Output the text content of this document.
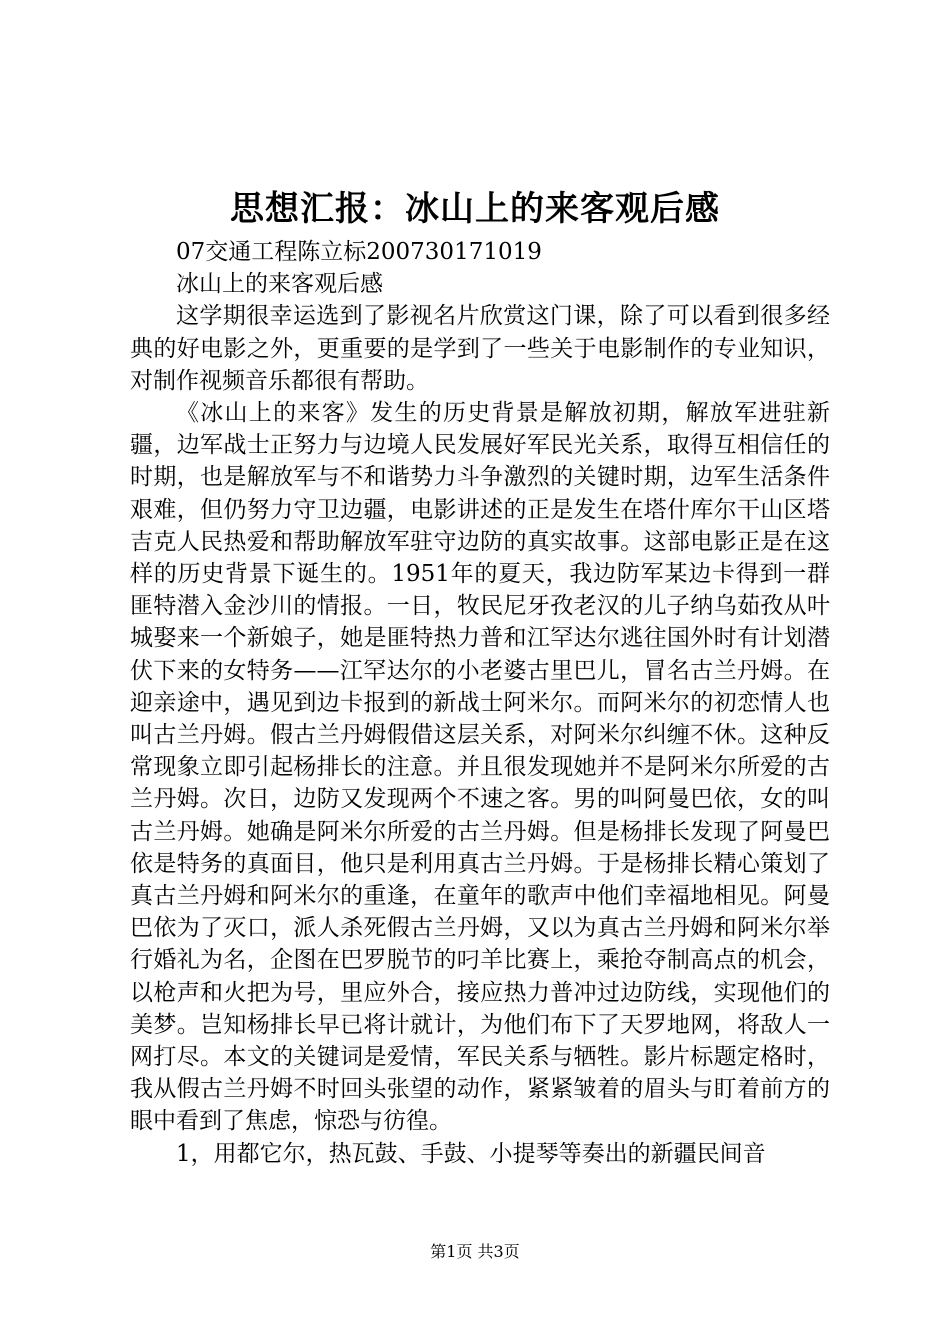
思想汇报：冰山上的来客观后感

07交通工程陈立标200730171019

冰山上的来客观后感

这学期很幸运选到了影视名片欣赏这门课，除了可以看到很多经典的好电影之外，更重要的是学到了一些关于电影制作的专业知识，对制作视频音乐都很有帮助。

《冰山上的来客》发生的历史背景是解放初期，解放军进驻新疆，边军战士正努力与边境人民发展好军民光关系，取得互相信任的时期，也是解放军与不和谐势力斗争激烈的关键时期，边军生活条件艰难，但仍努力守卫边疆，电影讲述的正是发生在塔什库尔干山区塔吉克人民热爱和帮助解放军驻守边防的真实故事。这部电影正是在这样的历史背景下诞生的。1951年的夏天，我边防军某边卡得到一群匪特潜入金沙川的情报。一日，牧民尼牙孜老汉的儿子纳乌茹孜从叶城娶来一个新娘子，她是匪特热力普和江罕达尔逃往国外时有计划潜伏下来的女特务——江罕达尔的小老婆古里巴儿，冒名古兰丹姆。在迎亲途中，遇见到边卡报到的新战士阿米尔。而阿米尔的初恋情人也叫古兰丹姆。假古兰丹姆假借这层关系，对阿米尔纠缠不休。这种反常现象立即引起杨排长的注意。并且很发现她并不是阿米尔所爱的古兰丹姆。次日，边防又发现两个不速之客。男的叫阿曼巴依，女的叫古兰丹姆。她确是阿米尔所爱的古兰丹姆。但是杨排长发现了阿曼巴依是特务的真面目，他只是利用真古兰丹姆。于是杨排长精心策划了真古兰丹姆和阿米尔的重逢，在童年的歌声中他们幸福地相见。阿曼巴依为了灭口，派人杀死假古兰丹姆，又以为真古兰丹姆和阿米尔举行婚礼为名，企图在巴罗脱节的叼羊比赛上，乘抢夺制高点的机会，以枪声和火把为号，里应外合，接应热力普冲过边防线，实现他们的美梦。岂知杨排长早已将计就计，为他们布下了天罗地网，将敌人一网打尽。本文的关键词是爱情，军民关系与牺牲。影片标题定格时，我从假古兰丹姆不时回头张望的动作，紧紧皱着的眉头与盯着前方的眼中看到了焦虑，惊恐与彷徨。

1，用都它尔，热瓦鼓、手鼓、小提琴等奏出的新疆民间音

第1页 共3页
